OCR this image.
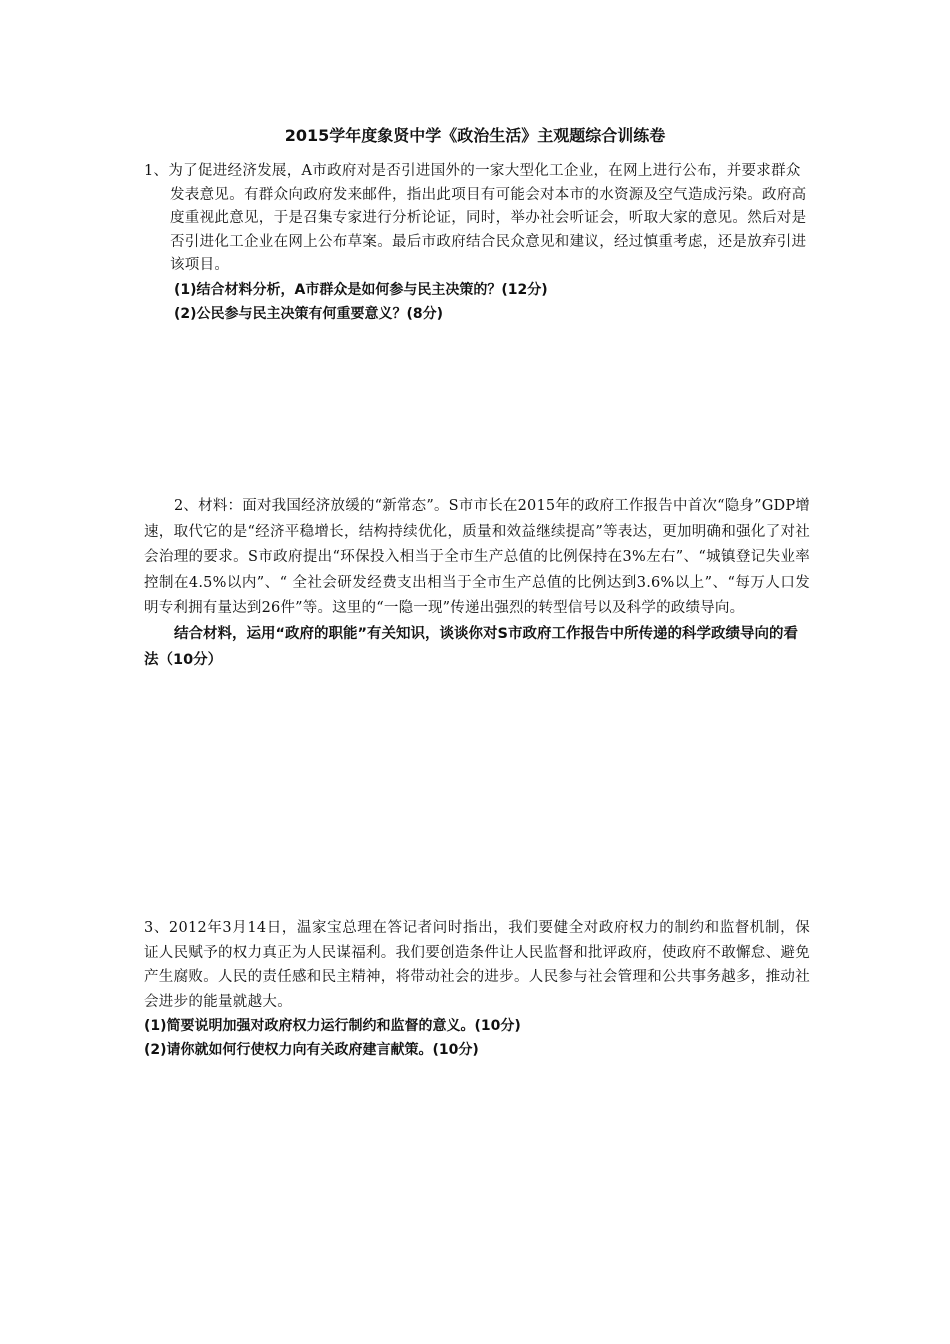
2015学年度象贤中学《政治生活》主观题综合训练卷

1、为了促进经济发展，A市政府对是否引进国外的一家大型化工企业，在网上进行公布，并要求群众发表意见。有群众向政府发来邮件，指出此项目有可能会对本市的水资源及空气造成污染。政府高度重视此意见，于是召集专家进行分析论证，同时，举办社会听证会，听取大家的意见。然后对是否引进化工企业在网上公布草案。最后市政府结合民众意见和建议，经过慎重考虑，还是放弃引进该项目。

(1)结合材料分析，A市群众是如何参与民主决策的？(12分)

(2)公民参与民主决策有何重要意义？(8分)

2、材料：面对我国经济放缓的“新常态”。S市市长在2015年的政府工作报告中首次“隐身”GDP增速，取代它的是“经济平稳增长，结构持续优化，质量和效益继续提高”等表达，更加明确和强化了对社会治理的要求。S市政府提出“环保投入相当于全市生产总值的比例保持在3%左右”、“城镇登记失业率控制在4.5%以内”、“ 全社会研发经费支出相当于全市生产总值的比例达到3.6%以上”、“每万人口发明专利拥有量达到26件”等。这里的“一隐一现”传递出强烈的转型信号以及科学的政绩导向。

结合材料，运用“政府的职能”有关知识，谈谈你对S市政府工作报告中所传递的科学政绩导向的看法（10分）

3、2012年3月14日，温家宝总理在答记者问时指出，我们要健全对政府权力的制约和监督机制，保证人民赋予的权力真正为人民谋福利。我们要创造条件让人民监督和批评政府，使政府不敢懈怠、避免产生腐败。人民的责任感和民主精神，将带动社会的进步。人民参与社会管理和公共事务越多，推动社会进步的能量就越大。

(1)简要说明加强对政府权力运行制约和监督的意义。(10分)

(2)请你就如何行使权力向有关政府建言献策。(10分)
